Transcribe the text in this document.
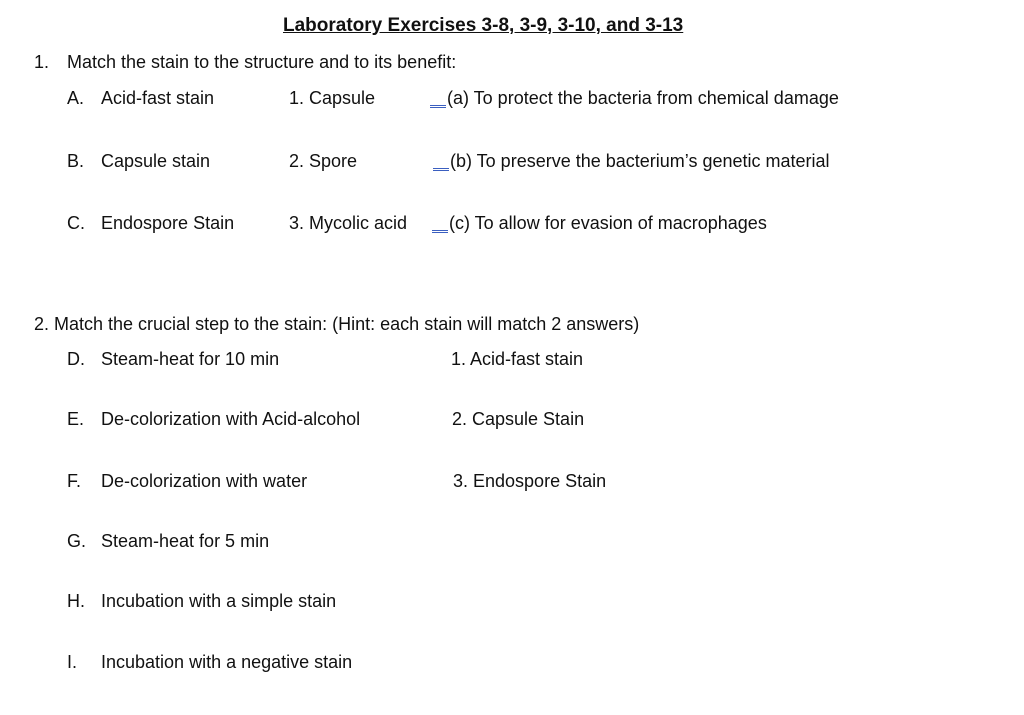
Laboratory Exercises 3-8, 3-9, 3-10, and 3-13
1. Match the stain to the structure and to its benefit:
A. Acid-fast stain	1. Capsule	(a) To protect the bacteria from chemical damage
B. Capsule stain	2. Spore	(b) To preserve the bacterium’s genetic material
C. Endospore Stain	3. Mycolic acid	(c) To allow for evasion of macrophages
2. Match the crucial step to the stain: (Hint: each stain will match 2 answers)
D. Steam-heat for 10 min	1. Acid-fast stain
E. De-colorization with Acid-alcohol	2. Capsule Stain
F. De-colorization with water	3. Endospore Stain
G. Steam-heat for 5 min
H. Incubation with a simple stain
I. Incubation with a negative stain
